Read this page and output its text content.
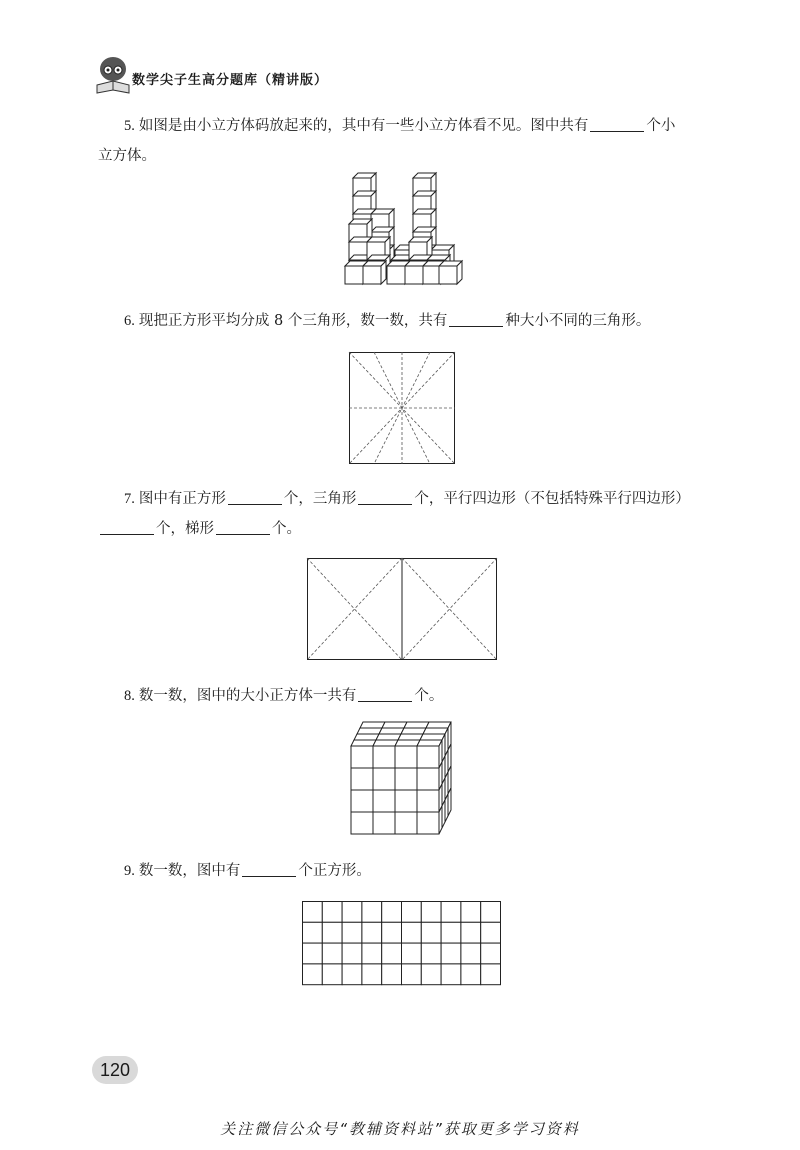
数学尖子生高分题库（精讲版）
5. 如图是由小立方体码放起来的，其中有一些小立方体看不见。图中共有	个小
立方体。
6. 现把正方形平均分成 8 个三角形，数一数，共有	种大小不同的三角形。
7. 图中有正方形	个，三角形	个，平行四边形（不包括特殊平行四边形）
个，梯形	个。
8. 数一数，图中的大小正方体一共有	个。
9. 数一数，图中有	个正方形。
120
关注微信公众号“教辅资料站”获取更多学习资料
